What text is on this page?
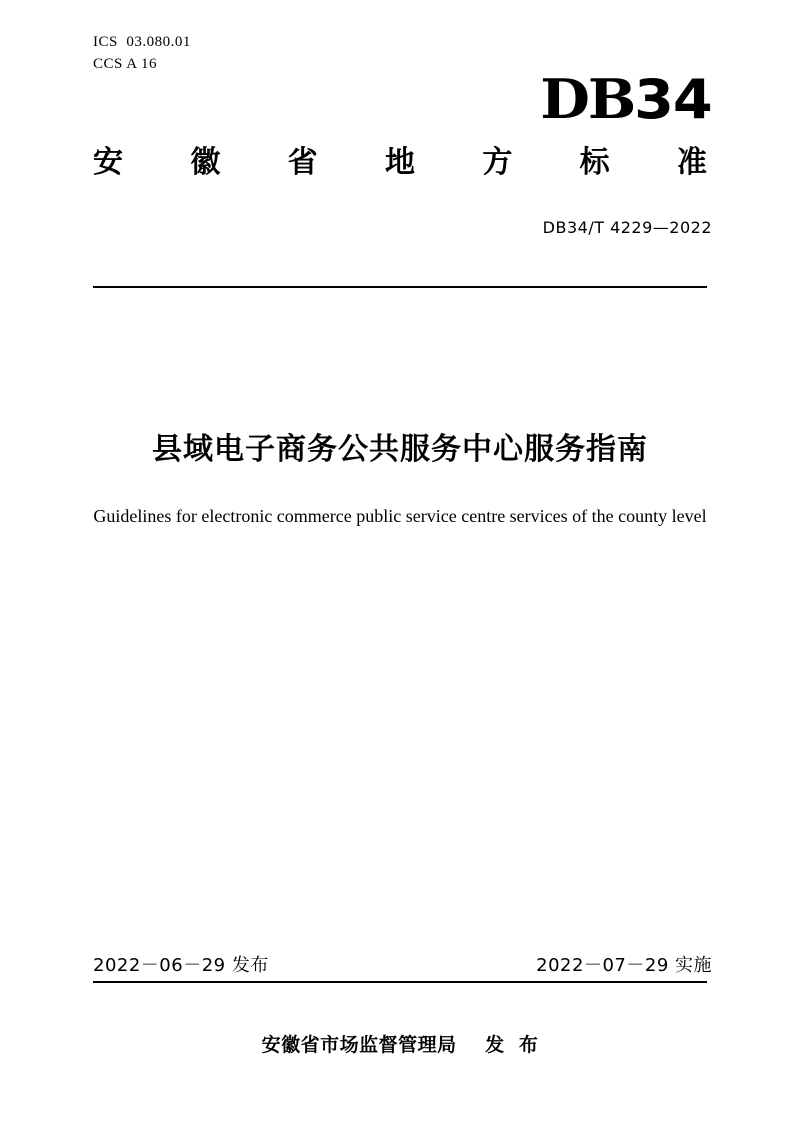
ICS  03.080.01
CCS A 16
DB34
安 徽 省 地 方 标 准
DB34/T 4229—2022
县域电子商务公共服务中心服务指南
Guidelines for electronic commerce public service centre services of the county level
2022－06－29 发布	2022－07－29 实施
安徽省市场监督管理局    发  布
